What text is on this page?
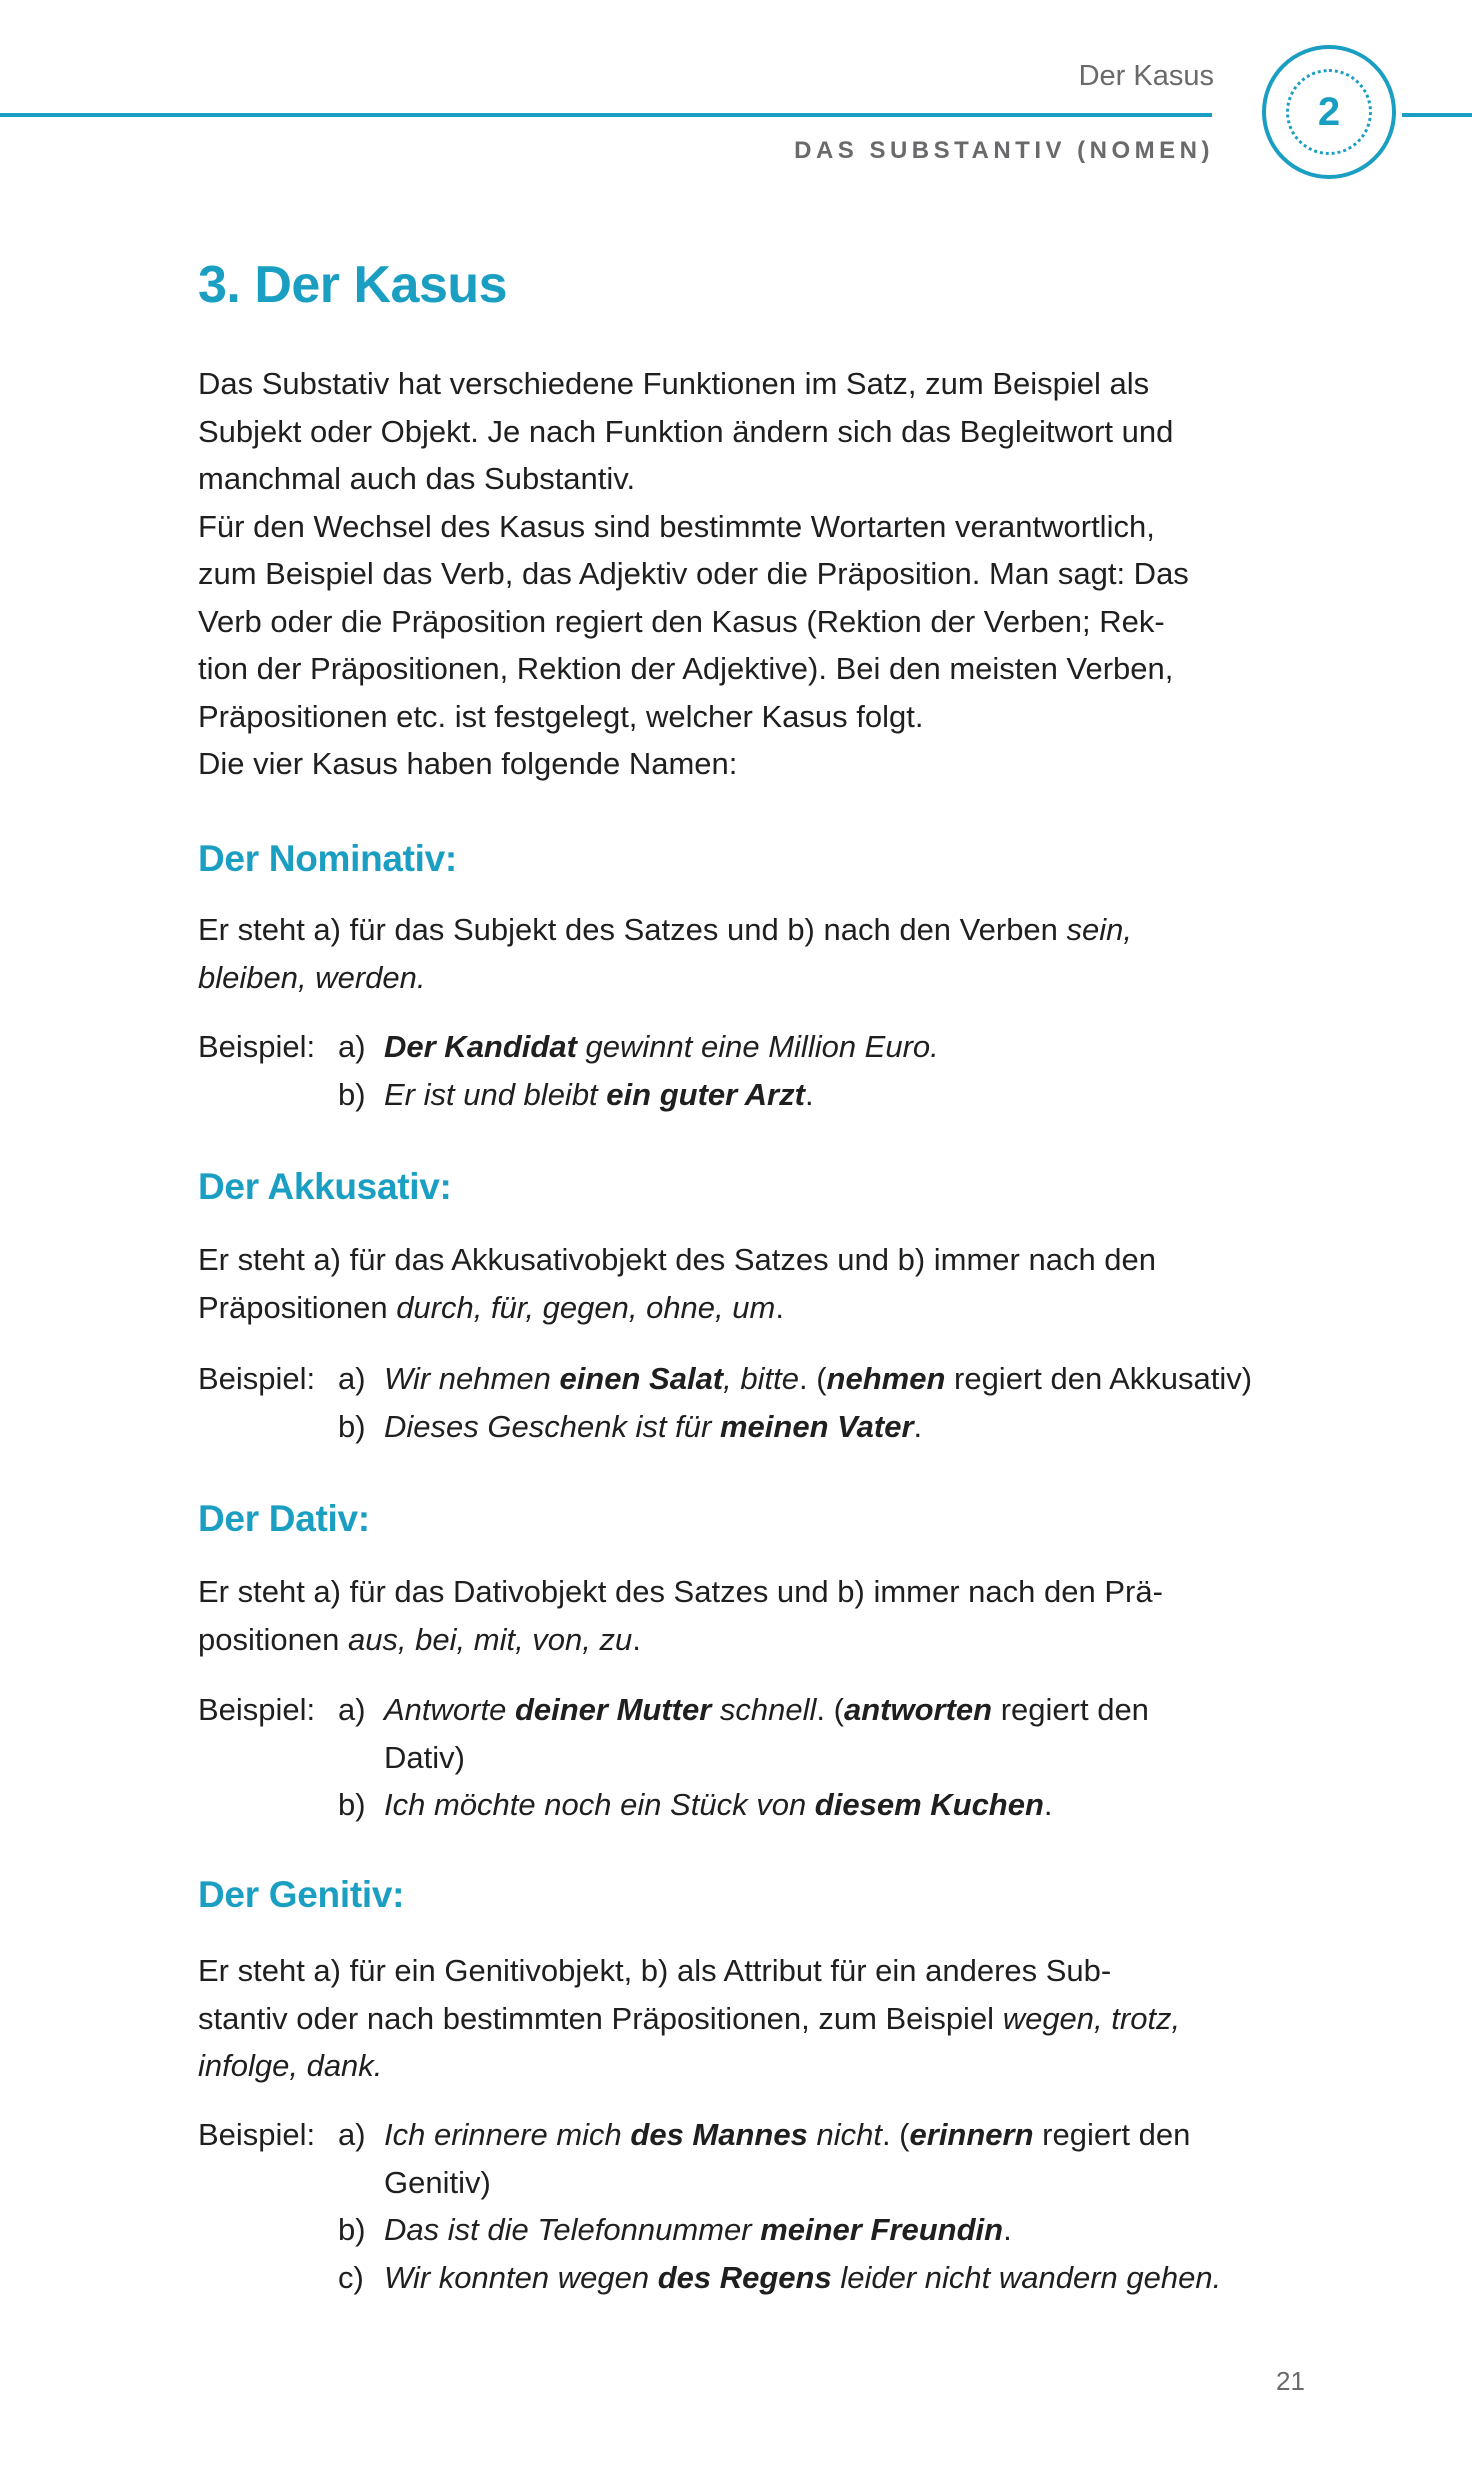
Der Kasus
DAS SUBSTANTIV (NOMEN)
2
3. Der Kasus
Das Substativ hat verschiedene Funktionen im Satz, zum Beispiel als
Subjekt oder Objekt. Je nach Funktion ändern sich das Begleitwort und
manchmal auch das Substantiv.
Für den Wechsel des Kasus sind bestimmte Wortarten verantwortlich,
zum Beispiel das Verb, das Adjektiv oder die Präposition. Man sagt: Das
Verb oder die Präposition regiert den Kasus (Rektion der Verben; Rek-
tion der Präpositionen, Rektion der Adjektive). Bei den meisten Verben,
Präpositionen etc. ist festgelegt, welcher Kasus folgt.
Die vier Kasus haben folgende Namen:
Der Nominativ:
Er steht a) für das Subjekt des Satzes und b) nach den Verben sein,
bleiben, werden.
Beispiel: a) Der Kandidat gewinnt eine Million Euro.
b) Er ist und bleibt ein guter Arzt.
Der Akkusativ:
Er steht a) für das Akkusativobjekt des Satzes und b) immer nach den
Präpositionen durch, für, gegen, ohne, um.
Beispiel: a) Wir nehmen einen Salat, bitte. (nehmen regiert den Akkusativ)
b) Dieses Geschenk ist für meinen Vater.
Der Dativ:
Er steht a) für das Dativobjekt des Satzes und b) immer nach den Prä-
positionen aus, bei, mit, von, zu.
Beispiel: a) Antworte deiner Mutter schnell. (antworten regiert den
Dativ)
b) Ich möchte noch ein Stück von diesem Kuchen.
Der Genitiv:
Er steht a) für ein Genitivobjekt, b) als Attribut für ein anderes Sub-
stantiv oder nach bestimmten Präpositionen, zum Beispiel wegen, trotz,
infolge, dank.
Beispiel: a) Ich erinnere mich des Mannes nicht. (erinnern regiert den
Genitiv)
b) Das ist die Telefonnummer meiner Freundin.
c) Wir konnten wegen des Regens leider nicht wandern gehen.
21
